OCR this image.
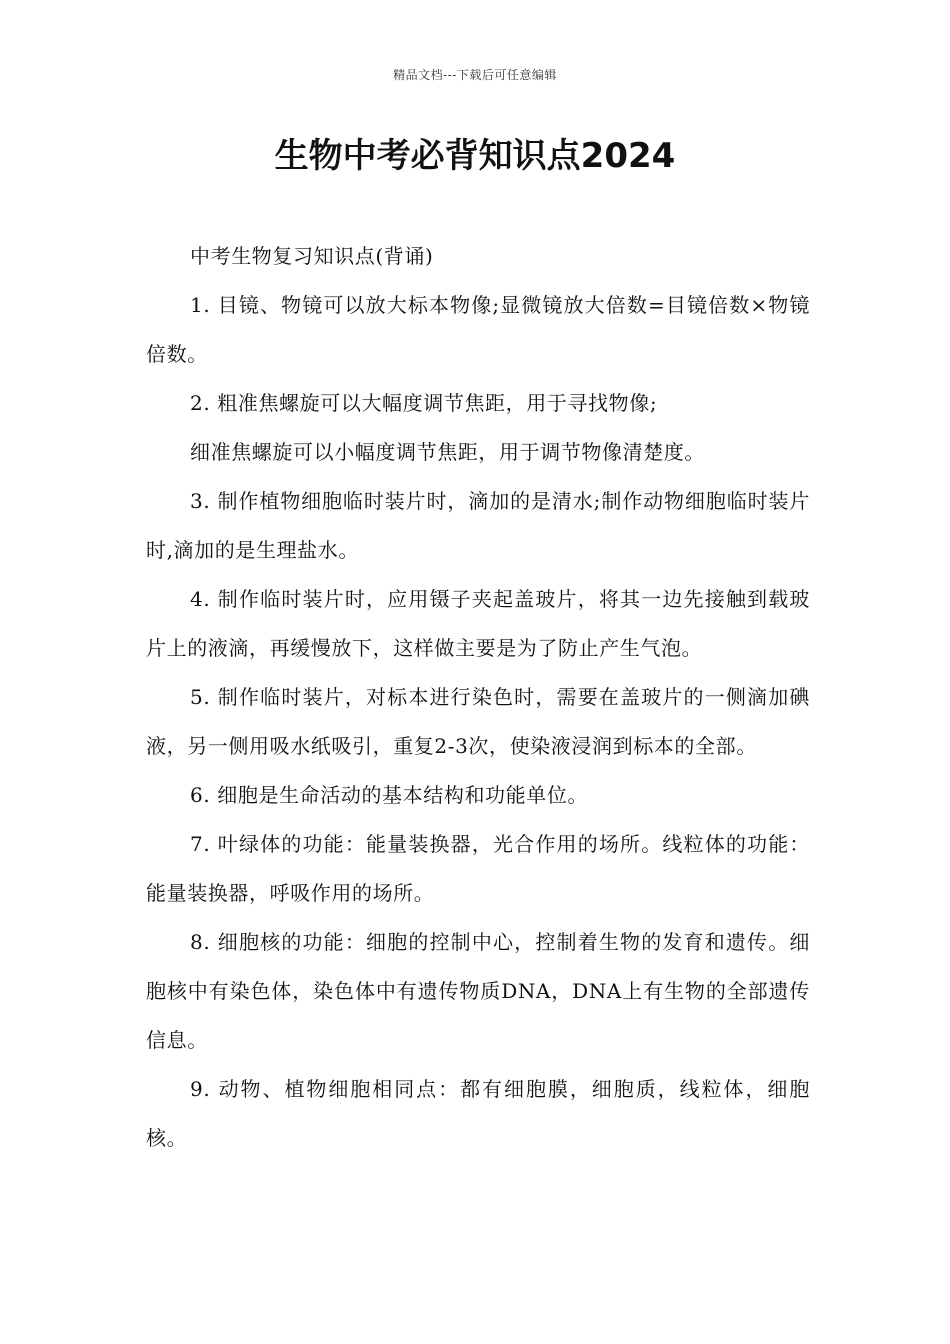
精品文档---下载后可任意编辑
生物中考必背知识点2024

中考生物复习知识点(背诵)

1. 目镜、物镜可以放大标本物像;显微镜放大倍数=目镜倍数×物镜倍数。

2. 粗准焦螺旋可以大幅度调节焦距，用于寻找物像;

细准焦螺旋可以小幅度调节焦距，用于调节物像清楚度。

3. 制作植物细胞临时装片时，滴加的是清水;制作动物细胞临时装片时,滴加的是生理盐水。

4. 制作临时装片时，应用镊子夹起盖玻片，将其一边先接触到载玻片上的液滴，再缓慢放下，这样做主要是为了防止产生气泡。

5. 制作临时装片，对标本进行染色时，需要在盖玻片的一侧滴加碘液，另一侧用吸水纸吸引，重复2-3次，使染液浸润到标本的全部。

6. 细胞是生命活动的基本结构和功能单位。

7. 叶绿体的功能：能量装换器，光合作用的场所。线粒体的功能：能量装换器，呼吸作用的场所。

8. 细胞核的功能：细胞的控制中心，控制着生物的发育和遗传。细胞核中有染色体，染色体中有遗传物质DNA，DNA上有生物的全部遗传信息。

9. 动物、植物细胞相同点：都有细胞膜，细胞质，线粒体，细胞核。
